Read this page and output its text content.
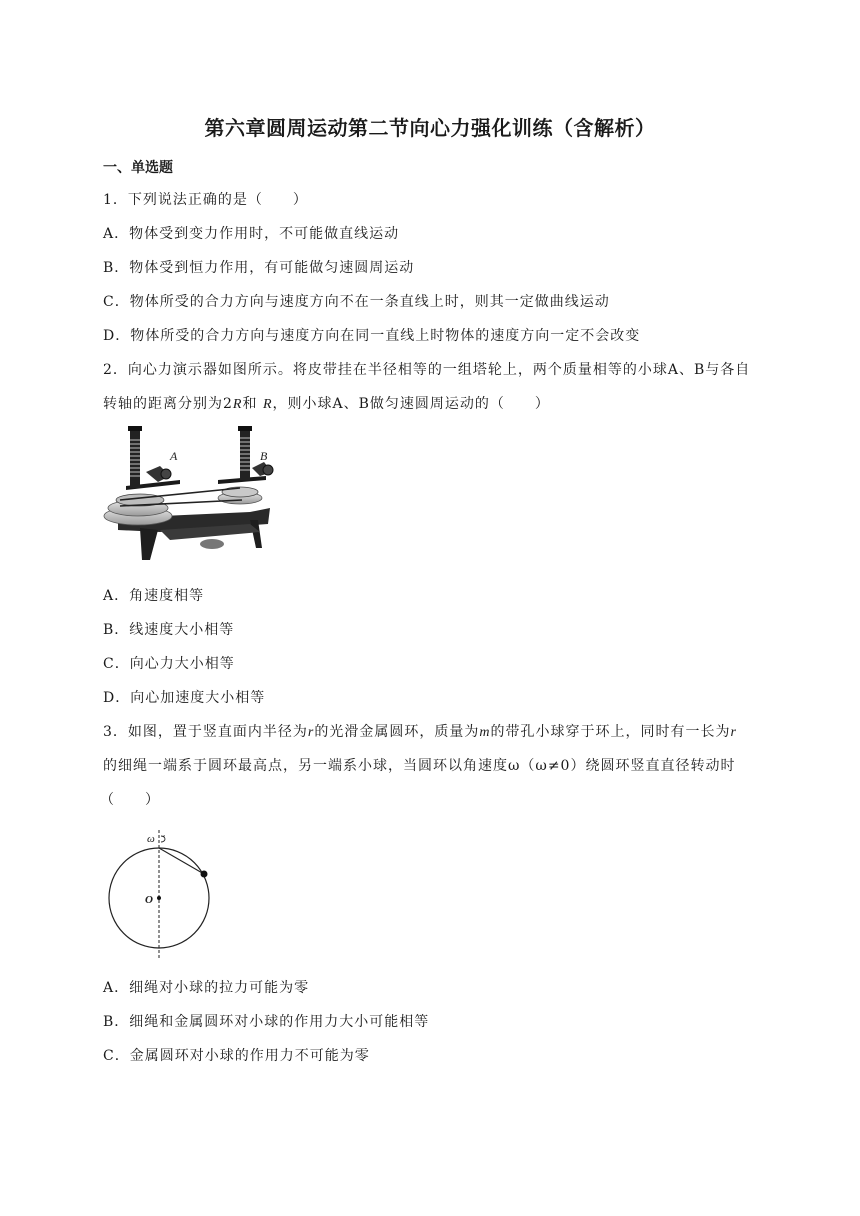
第六章圆周运动第二节向心力强化训练（含解析）
一、单选题
1．下列说法正确的是（　　）
A．物体受到变力作用时，不可能做直线运动
B．物体受到恒力作用，有可能做匀速圆周运动
C．物体所受的合力方向与速度方向不在一条直线上时，则其一定做曲线运动
D．物体所受的合力方向与速度方向在同一直线上时物体的速度方向一定不会改变
2．向心力演示器如图所示。将皮带挂在半径相等的一组塔轮上，两个质量相等的小球A、B与各自
转轴的距离分别为2R和 R，则小球A、B做匀速圆周运动的（　　）
A	B
A．角速度相等
B．线速度大小相等
C．向心力大小相等
D．向心加速度大小相等
3．如图，置于竖直面内半径为r的光滑金属圆环，质量为m的带孔小球穿于环上，同时有一长为r
的细绳一端系于圆环最高点，另一端系小球，当圆环以角速度ω（ω≠0）绕圆环竖直直径转动时
（　　）
ω
O
A．细绳对小球的拉力可能为零
B．细绳和金属圆环对小球的作用力大小可能相等
C．金属圆环对小球的作用力不可能为零
